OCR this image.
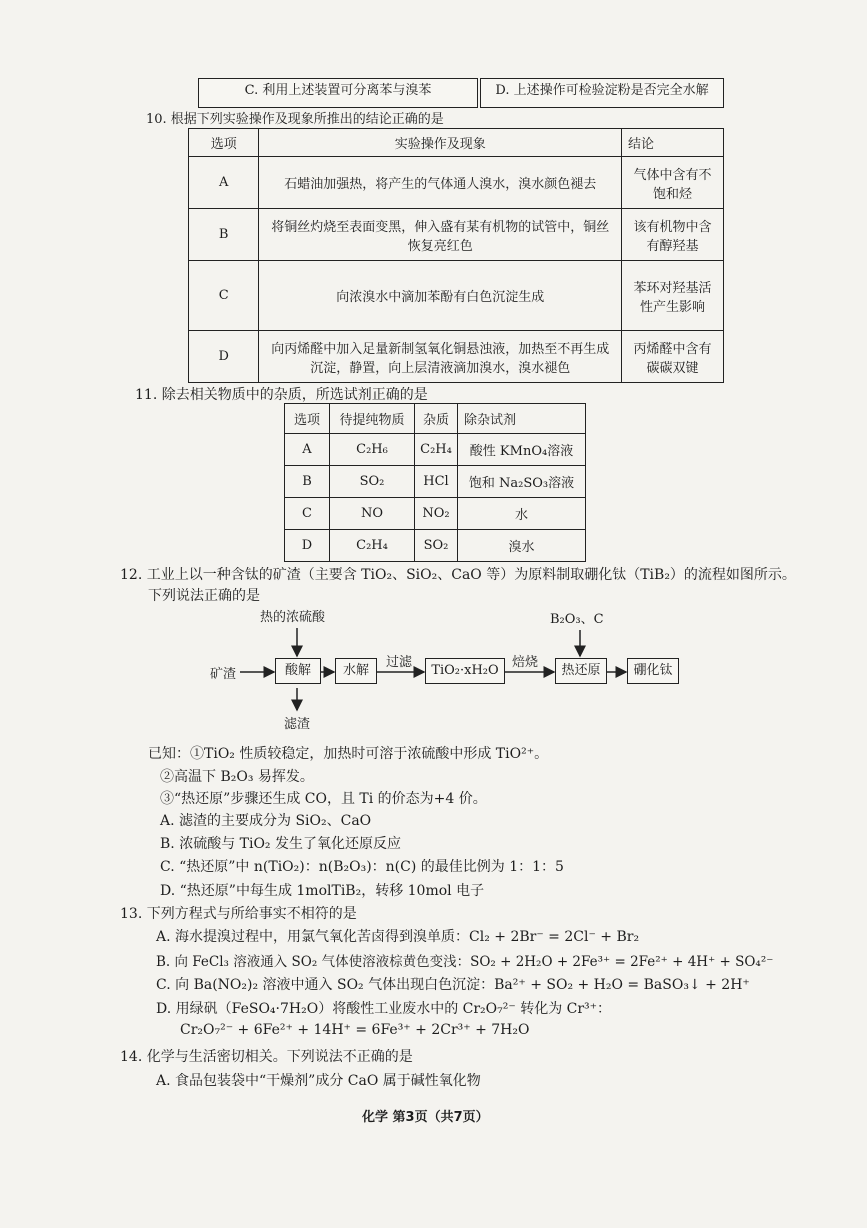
C. 利用上述装置可分离苯与溴苯	D. 上述操作可检验淀粉是否完全水解
10. 根据下列实验操作及现象所推出的结论正确的是
选项	实验操作及现象	结论
A	石蜡油加强热，将产生的气体通人溴水，溴水颜色褪去	气体中含有不饱和烃
B	将铜丝灼烧至表面变黑，伸入盛有某有机物的试管中，铜丝恢复亮红色	该有机物中含有醇羟基
C	向浓溴水中滴加苯酚有白色沉淀生成	苯环对羟基活性产生影响
D	向丙烯醛中加入足量新制氢氧化铜悬浊液，加热至不再生成沉淀，静置，向上层清液滴加溴水，溴水褪色	丙烯醛中含有碳碳双键
11. 除去相关物质中的杂质，所选试剂正确的是
选项	待提纯物质	杂质	除杂试剂
A	C₂H₆	C₂H₄	酸性 KMnO₄溶液
B	SO₂	HCl	饱和 Na₂SO₃溶液
C	NO	NO₂	水
D	C₂H₄	SO₂	溴水
12. 工业上以一种含钛的矿渣（主要含 TiO₂、SiO₂、CaO 等）为原料制取硼化钛（TiB₂）的流程如图所示。
下列说法正确的是
热的浓硫酸	B₂O₃、C
矿渣	酸解	水解
过滤
TiO₂·xH₂O
焙烧
热还原	硼化钛
滤渣
已知：①TiO₂ 性质较稳定，加热时可溶于浓硫酸中形成 TiO²⁺。
②高温下 B₂O₃ 易挥发。
③“热还原”步骤还生成 CO，且 Ti 的价态为+4 价。
A. 滤渣的主要成分为 SiO₂、CaO
B. 浓硫酸与 TiO₂ 发生了氧化还原反应
C. “热还原”中 n(TiO₂)：n(B₂O₃)：n(C) 的最佳比例为 1：1：5
D. “热还原”中每生成 1molTiB₂，转移 10mol 电子
13. 下列方程式与所给事实不相符的是
A. 海水提溴过程中，用氯气氧化苦卤得到溴单质：Cl₂ + 2Br⁻ = 2Cl⁻ + Br₂
B. 向 FeCl₃ 溶液通入 SO₂ 气体使溶液棕黄色变浅：SO₂ + 2H₂O + 2Fe³⁺ = 2Fe²⁺ + 4H⁺ + SO₄²⁻
C. 向 Ba(NO₂)₂ 溶液中通入 SO₂ 气体出现白色沉淀：Ba²⁺ + SO₂ + H₂O = BaSO₃↓ + 2H⁺
D. 用绿矾（FeSO₄·7H₂O）将酸性工业废水中的 Cr₂O₇²⁻ 转化为 Cr³⁺：
Cr₂O₇²⁻ + 6Fe²⁺ + 14H⁺ = 6Fe³⁺ + 2Cr³⁺ + 7H₂O
14. 化学与生活密切相关。下列说法不正确的是
A. 食品包装袋中“干燥剂”成分 CaO 属于碱性氧化物
化学 第3页（共7页）
